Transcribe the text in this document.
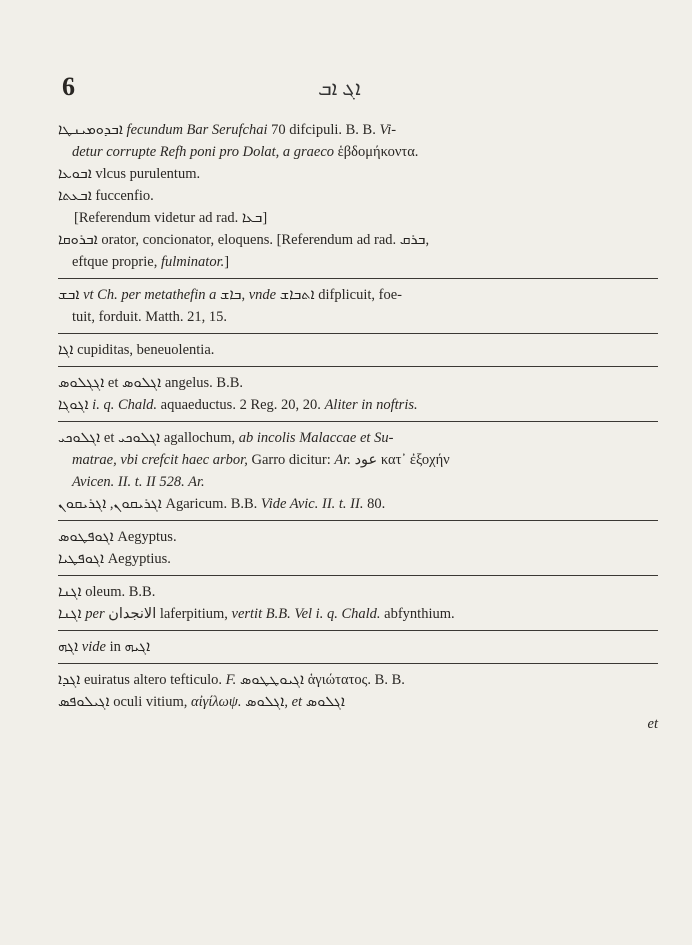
6	ܐܓ ܐܒ
ܐܒܕܘܡܝܢܛܐ fecundum Bar Serufchai 70 difcipuli. B. B. Vi-
detur corrupte Refh poni pro Dolat, a graeco ἑβδομήκοντα.
ܐܒܘܥܐ vlcus purulentum.
ܐܒܥܬܐ fuccenfio.
[Referendum videtur ad rad. ܒܥܐ]
ܐܒܪܘܩܐ orator, concionator, eloquens. [Referendum ad rad. ܒܪܩ,
eftque proprie, fulminator.]
ܐܒܫ vt Ch. per metathefin a ܒܐܫ, vnde ܐܬܒܐܫ difplicuit, foe-
tuit, forduit. Matth. 21, 15.
ܐܓܐ cupiditas, beneuolentia.
ܐܓܓܠܘܣ et ܐܓܠܘܣ angelus. B.B.
ܐܓܘܓܐ i. q. Chald. aquaeductus. 2 Reg. 20, 20. Aliter in noftris.
ܐܓܠܘܟܝ et ܐܓܠܘܟܝ agallochum, ab incolis Malaccae et Su-
matrae, vbi crefcit haec arbor, Garro dicitur: Ar. عود κατ᾽ ἐξοχήν
Avicen. II. t. II 528. Ar.
ܐܓܪܝܩܘܢ, ܐܓܪܝܩܘܢ	Agaricum. B.B. Vide Avic. II. t. II. 80.
ܐܓܘܦܛܘܣ Aegyptus.
ܐܓܘܦܛܝܐ Aegyptius.
ܐܓܢܐ oleum. B.B.
ܐܓܢܐ per الانجدان laferpitium, vertit B.B. Vel i. q. Chald. abfynthium.
ܐܓܗ vide in ܐܓܝܗ
ܐܓܕܐ euiratus altero tefticulo. F. ܐܓܝܘܛܛܘܣ ἁγιώτατος. B. B.
ܐܓܝܠܘܦܣ oculi vitium, αἰγίλωψ. ܐܓܠܘܣ, et ܐܓܠܘܣ
et
